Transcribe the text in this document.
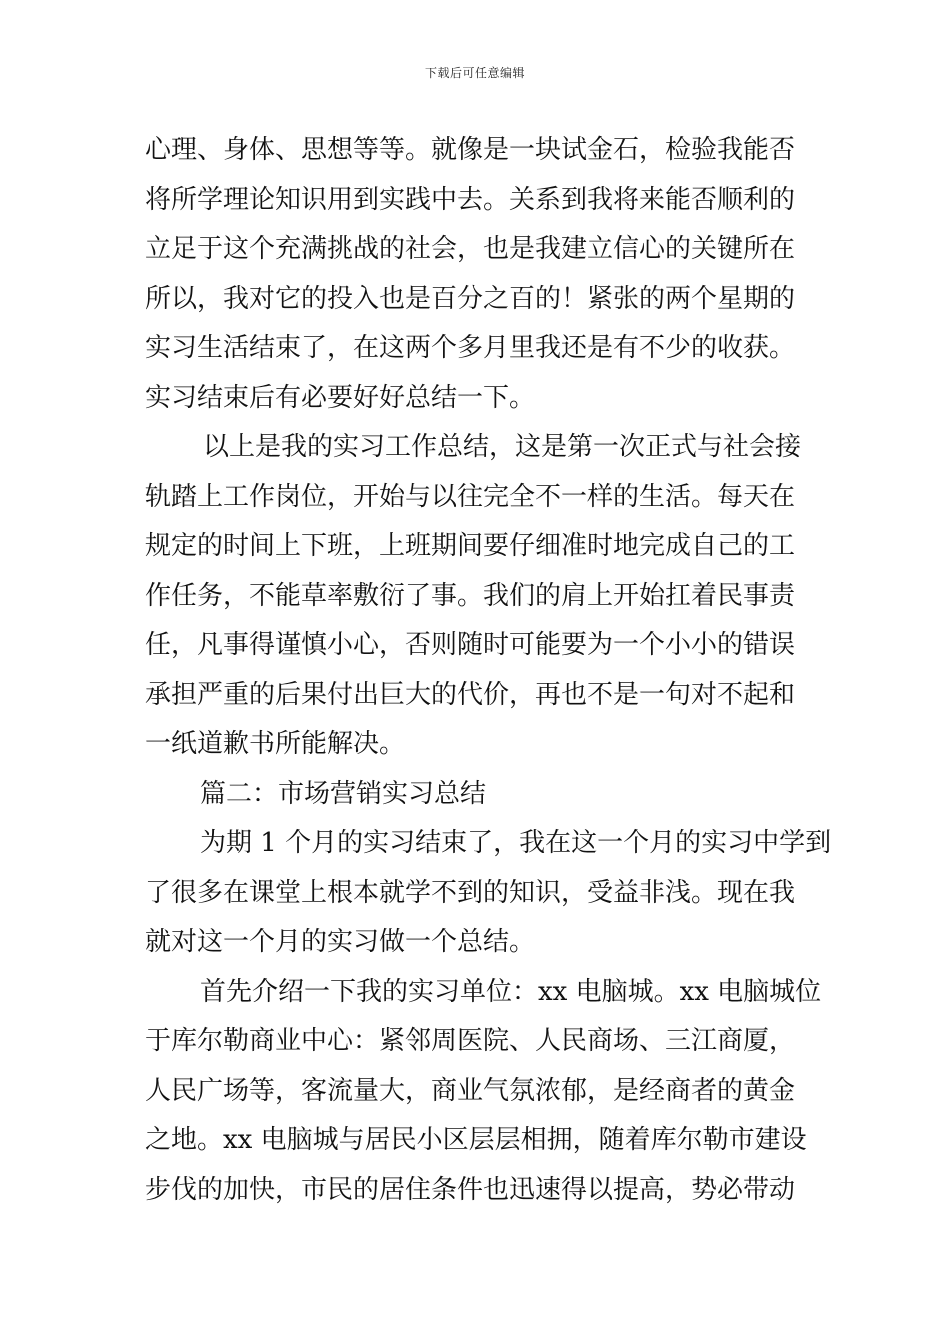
下载后可任意编辑
心理、身体、思想等等。就像是一块试金石，检验我能否
将所学理论知识用到实践中去。关系到我将来能否顺利的
立足于这个充满挑战的社会，也是我建立信心的关键所在
所以，我对它的投入也是百分之百的！紧张的两个星期的
实习生活结束了，在这两个多月里我还是有不少的收获。
实习结束后有必要好好总结一下。
以上是我的实习工作总结，这是第一次正式与社会接
轨踏上工作岗位，开始与以往完全不一样的生活。每天在
规定的时间上下班，上班期间要仔细准时地完成自己的工
作任务，不能草率敷衍了事。我们的肩上开始扛着民事责
任，凡事得谨慎小心，否则随时可能要为一个小小的错误
承担严重的后果付出巨大的代价，再也不是一句对不起和
一纸道歉书所能解决。
篇二：市场营销实习总结
为期 1 个月的实习结束了，我在这一个月的实习中学到
了很多在课堂上根本就学不到的知识，受益非浅。现在我
就对这一个月的实习做一个总结。
首先介绍一下我的实习单位：xx 电脑城。xx 电脑城位
于库尔勒商业中心：紧邻周医院、人民商场、三江商厦，
人民广场等，客流量大，商业气氛浓郁，是经商者的黄金
之地。xx 电脑城与居民小区层层相拥，随着库尔勒市建设
步伐的加快，市民的居住条件也迅速得以提高，势必带动
